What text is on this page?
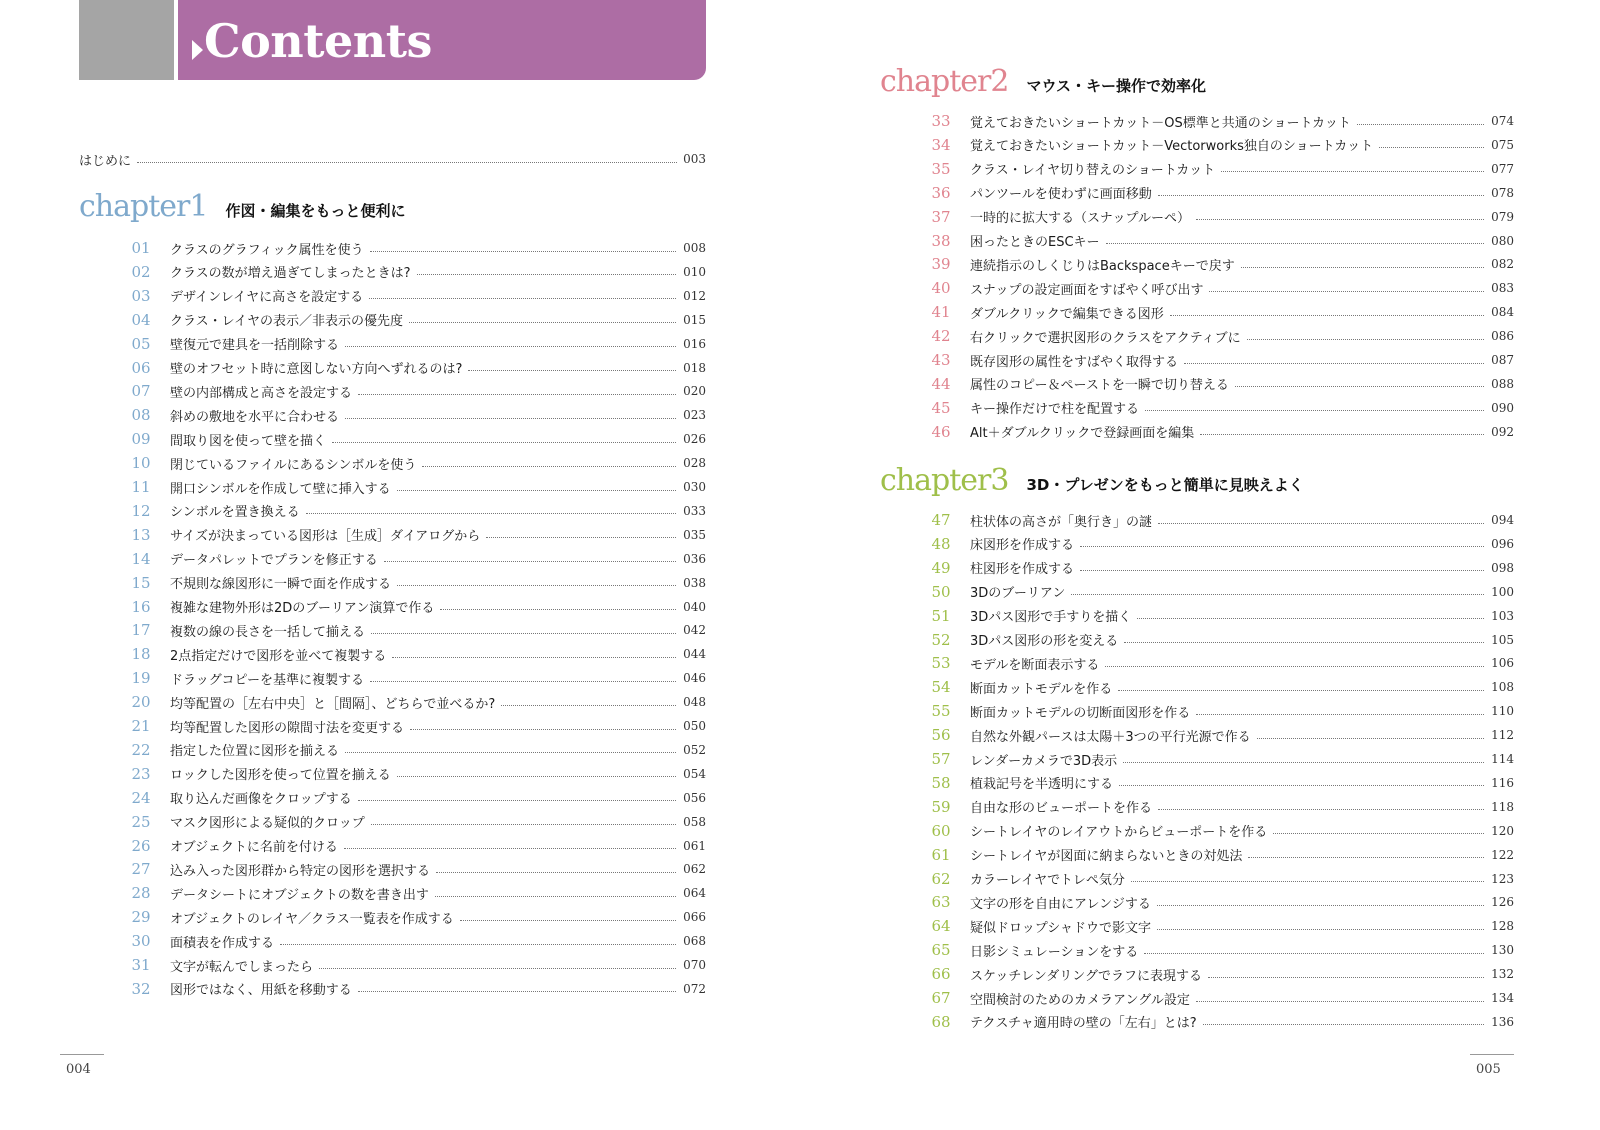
Contents
はじめに	003
chapter1 作図・編集をもっと便利に
chapter2 マウス・キー操作で効率化
chapter3 3D・プレゼンをもっと簡単に見映えよく
01	クラスのグラフィック属性を使う	008
02	クラスの数が増え過ぎてしまったときは?	010
03	デザインレイヤに高さを設定する	012
04	クラス・レイヤの表示／非表示の優先度	015
05	壁復元で建具を一括削除する	016
06	壁のオフセット時に意図しない方向へずれるのは?	018
07	壁の内部構成と高さを設定する	020
08	斜めの敷地を水平に合わせる	023
09	間取り図を使って壁を描く	026
10	閉じているファイルにあるシンボルを使う	028
11	開口シンボルを作成して壁に挿入する	030
12	シンボルを置き換える	033
13	サイズが決まっている図形は［生成］ダイアログから	035
14	データパレットでプランを修正する	036
15	不規則な線図形に一瞬で面を作成する	038
16	複雑な建物外形は2Dのブーリアン演算で作る	040
17	複数の線の長さを一括して揃える	042
18	2点指定だけで図形を並べて複製する	044
19	ドラッグコピーを基準に複製する	046
20	均等配置の［左右中央］と［間隔］、どちらで並べるか?	048
21	均等配置した図形の隙間寸法を変更する	050
22	指定した位置に図形を揃える	052
23	ロックした図形を使って位置を揃える	054
24	取り込んだ画像をクロップする	056
25	マスク図形による疑似的クロップ	058
26	オブジェクトに名前を付ける	061
27	込み入った図形群から特定の図形を選択する	062
28	データシートにオブジェクトの数を書き出す	064
29	オブジェクトのレイヤ／クラス一覧表を作成する	066
30	面積表を作成する	068
31	文字が転んでしまったら	070
32	図形ではなく、用紙を移動する	072
33	覚えておきたいショートカット－OS標準と共通のショートカット	074
34	覚えておきたいショートカット－Vectorworks独自のショートカット	075
35	クラス・レイヤ切り替えのショートカット	077
36	パンツールを使わずに画面移動	078
37	一時的に拡大する（スナップルーペ）	079
38	困ったときのESCキー	080
39	連続指示のしくじりはBackspaceキーで戻す	082
40	スナップの設定画面をすばやく呼び出す	083
41	ダブルクリックで編集できる図形	084
42	右クリックで選択図形のクラスをアクティブに	086
43	既存図形の属性をすばやく取得する	087
44	属性のコピー＆ペーストを一瞬で切り替える	088
45	キー操作だけで柱を配置する	090
46	Alt＋ダブルクリックで登録画面を編集	092
47	柱状体の高さが「奥行き」の謎	094
48	床図形を作成する	096
49	柱図形を作成する	098
50	3Dのブーリアン	100
51	3Dパス図形で手すりを描く	103
52	3Dパス図形の形を変える	105
53	モデルを断面表示する	106
54	断面カットモデルを作る	108
55	断面カットモデルの切断面図形を作る	110
56	自然な外観パースは太陽＋3つの平行光源で作る	112
57	レンダーカメラで3D表示	114
58	植栽記号を半透明にする	116
59	自由な形のビューポートを作る	118
60	シートレイヤのレイアウトからビューポートを作る	120
61	シートレイヤが図面に納まらないときの対処法	122
62	カラーレイヤでトレペ気分	123
63	文字の形を自由にアレンジする	126
64	疑似ドロップシャドウで影文字	128
65	日影シミュレーションをする	130
66	スケッチレンダリングでラフに表現する	132
67	空間検討のためのカメラアングル設定	134
68	テクスチャ適用時の壁の「左右」とは?	136
004	005
